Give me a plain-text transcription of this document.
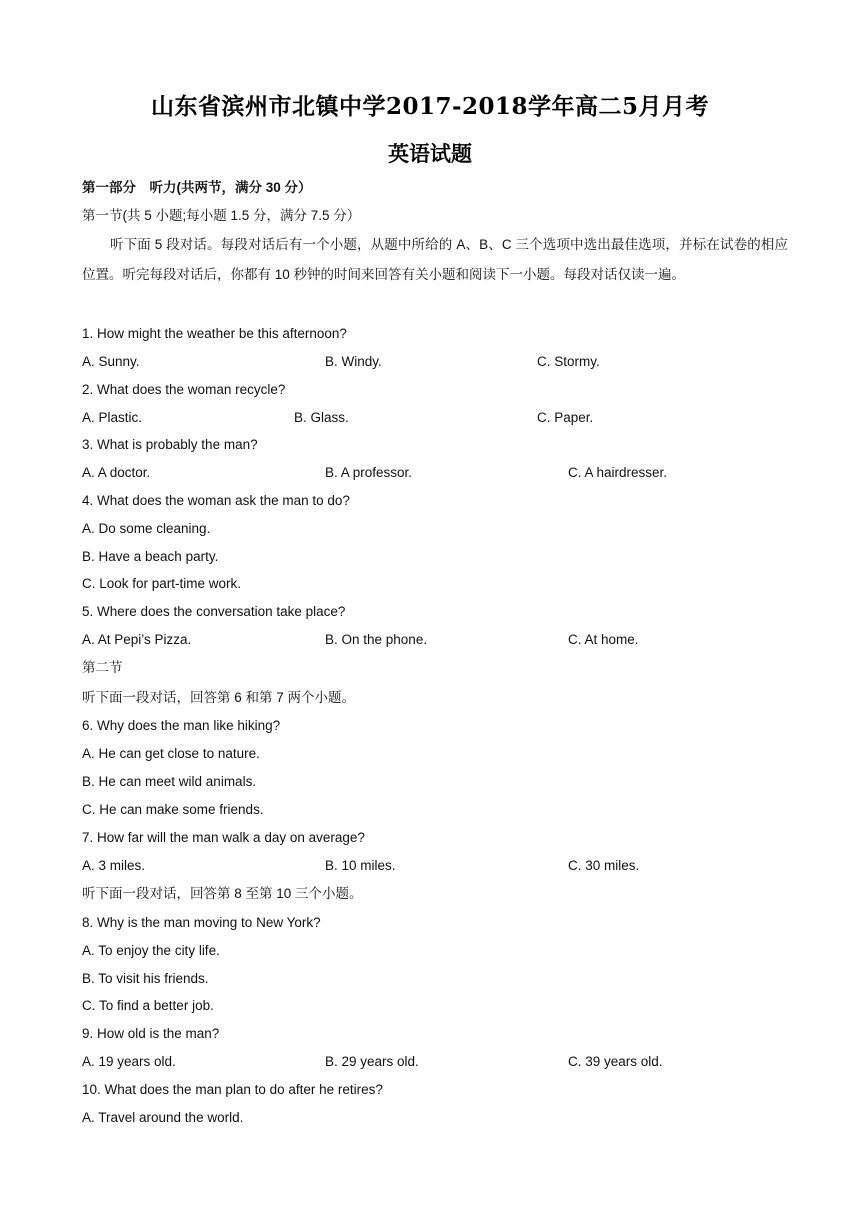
山东省滨州市北镇中学2017-2018学年高二5月月考
英语试题
第一部分　听力(共两节，满分 30 分）
第一节(共 5 小题;每小题 1.5 分，满分 7.5 分）
听下面 5 段对话。每段对话后有一个小题，从题中所给的 A、B、C 三个选项中选出最佳选项，并标在试卷的相应位置。听完每段对话后，你都有 10 秒钟的时间来回答有关小题和阅读下一小题。每段对话仅读一遍。
1. How might the weather be this afternoon?
A. Sunny.	B. Windy.	C. Stormy.
2. What does the woman recycle?
A. Plastic.	B. Glass.	C. Paper.
3. What is probably the man?
A. A doctor.	B. A professor.	C. A hairdresser.
4. What does the woman ask the man to do?
A. Do some cleaning.
B. Have a beach party.
C. Look for part-time work.
5. Where does the conversation take place?
A. At Pepi’s Pizza.	B. On the phone.	C. At home.
第二节
听下面一段对话，回答第 6 和第 7 两个小题。
6. Why does the man like hiking?
A. He can get close to nature.
B. He can meet wild animals.
C. He can make some friends.
7. How far will the man walk a day on average?
A. 3 miles.	B. 10 miles.	C. 30 miles.
听下面一段对话，回答第 8 至第 10 三个小题。
8. Why is the man moving to New York?
A. To enjoy the city life.
B. To visit his friends.
C. To find a better job.
9. How old is the man?
A. 19 years old.	B. 29 years old.	C. 39 years old.
10. What does the man plan to do after he retires?
A. Travel around the world.
